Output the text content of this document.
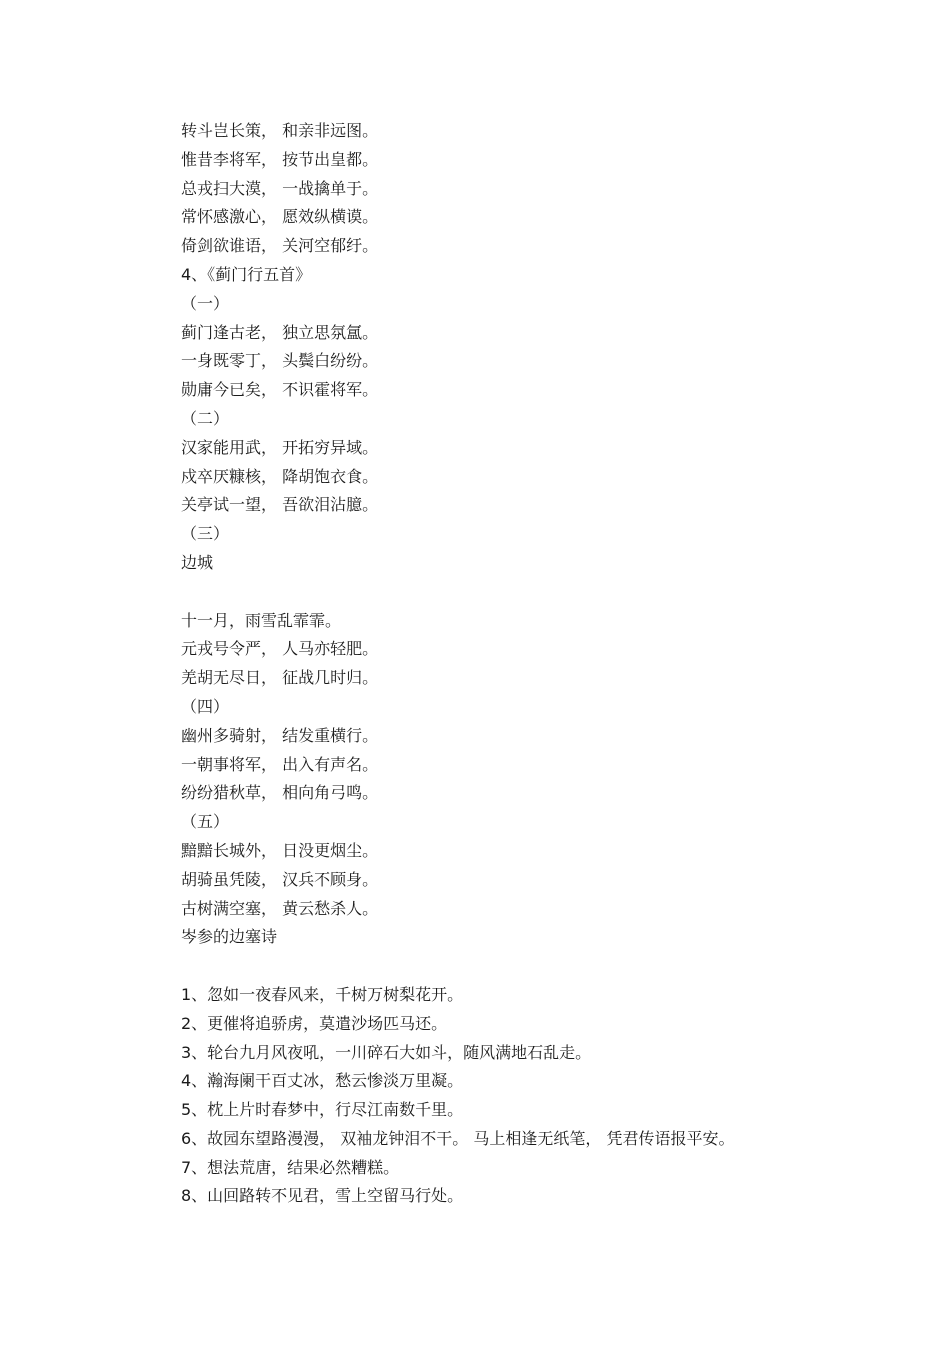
转斗岂长策， 和亲非远图。
惟昔李将军， 按节出皇都。
总戎扫大漠， 一战擒单于。
常怀感激心， 愿效纵横谟。
倚剑欲谁语， 关河空郁纡。
4、《蓟门行五首》
（一）
蓟门逢古老， 独立思氛氲。
一身既零丁， 头鬓白纷纷。
勋庸今已矣， 不识霍将军。
（二）
汉家能用武， 开拓穷异域。
戍卒厌糠核， 降胡饱衣食。
关亭试一望， 吾欲泪沾臆。
（三）
边城
十一月，雨雪乱霏霏。
元戎号令严， 人马亦轻肥。
羌胡无尽日， 征战几时归。
（四）
幽州多骑射， 结发重横行。
一朝事将军， 出入有声名。
纷纷猎秋草， 相向角弓鸣。
（五）
黯黯长城外， 日没更烟尘。
胡骑虽凭陵， 汉兵不顾身。
古树满空塞， 黄云愁杀人。
岑参的边塞诗
1、忽如一夜春风来，千树万树梨花开。
2、更催将追骄虏，莫遣沙场匹马还。
3、轮台九月风夜吼，一川碎石大如斗，随风满地石乱走。
4、瀚海阑干百丈冰，愁云惨淡万里凝。
5、枕上片时春梦中，行尽江南数千里。
6、故园东望路漫漫， 双袖龙钟泪不干。 马上相逢无纸笔， 凭君传语报平安。
7、想法荒唐，结果必然糟糕。
8、山回路转不见君，雪上空留马行处。
